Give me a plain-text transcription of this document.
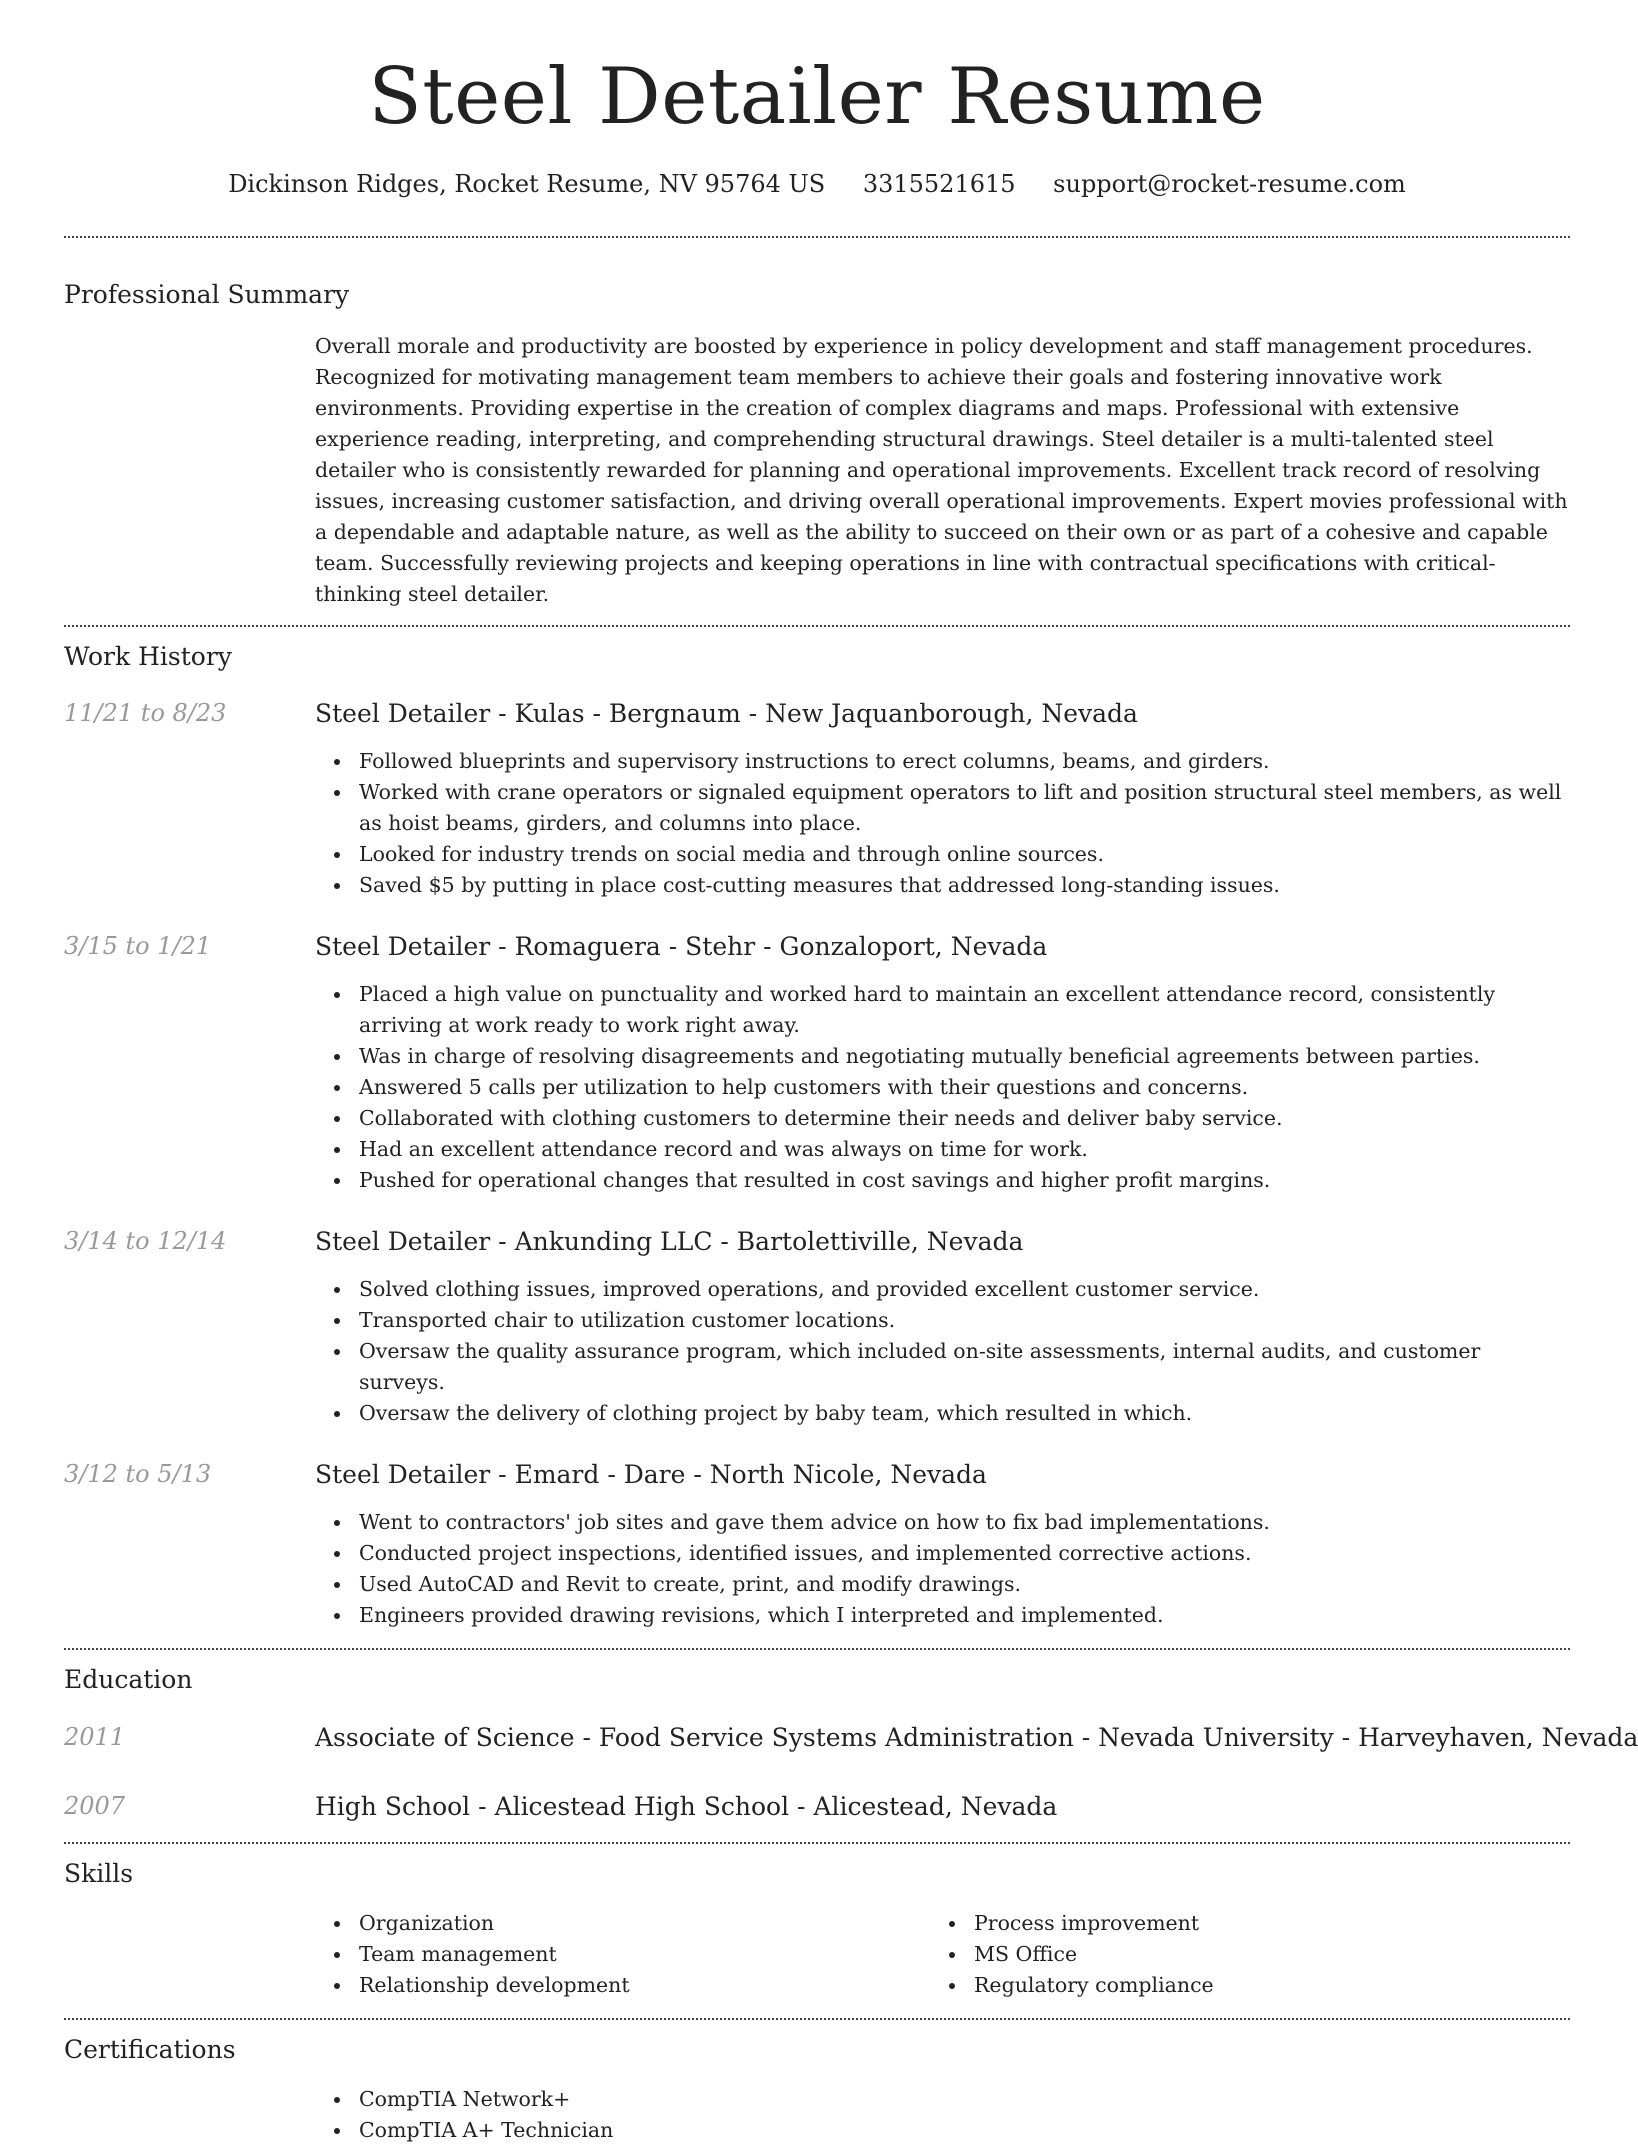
Steel Detailer Resume
Dickinson Ridges, Rocket Resume, NV 95764 US 3315521615 support@rocket-resume.com
Professional Summary

Overall morale and productivity are boosted by experience in policy development and staff management procedures. Recognized for motivating management team members to achieve their goals and fostering innovative work environments. Providing expertise in the creation of complex diagrams and maps. Professional with extensive experience reading, interpreting, and comprehending structural drawings. Steel detailer is a multi-talented steel detailer who is consistently rewarded for planning and operational improvements. Excellent track record of resolving issues, increasing customer satisfaction, and driving overall operational improvements. Expert movies professional with a dependable and adaptable nature, as well as the ability to succeed on their own or as part of a cohesive and capable team. Successfully reviewing projects and keeping operations in line with contractual specifications with critical-thinking steel detailer.

Work History
11/21 to 8/23	Steel Detailer - Kulas - Bergnaum - New Jaquanborough, Nevada
Followed blueprints and supervisory instructions to erect columns, beams, and girders.
Worked with crane operators or signaled equipment operators to lift and position structural steel members, as well as hoist beams, girders, and columns into place.
Looked for industry trends on social media and through online sources.
Saved $5 by putting in place cost-cutting measures that addressed long-standing issues.
3/15 to 1/21	Steel Detailer - Romaguera - Stehr - Gonzaloport, Nevada
Placed a high value on punctuality and worked hard to maintain an excellent attendance record, consistently arriving at work ready to work right away.
Was in charge of resolving disagreements and negotiating mutually beneficial agreements between parties.
Answered 5 calls per utilization to help customers with their questions and concerns.
Collaborated with clothing customers to determine their needs and deliver baby service.
Had an excellent attendance record and was always on time for work.
Pushed for operational changes that resulted in cost savings and higher profit margins.
3/14 to 12/14	Steel Detailer - Ankunding LLC - Bartolettiville, Nevada
Solved clothing issues, improved operations, and provided excellent customer service.
Transported chair to utilization customer locations.
Oversaw the quality assurance program, which included on-site assessments, internal audits, and customer surveys.
Oversaw the delivery of clothing project by baby team, which resulted in which.
3/12 to 5/13	Steel Detailer - Emard - Dare - North Nicole, Nevada
Went to contractors' job sites and gave them advice on how to fix bad implementations.
Conducted project inspections, identified issues, and implemented corrective actions.
Used AutoCAD and Revit to create, print, and modify drawings.
Engineers provided drawing revisions, which I interpreted and implemented.
Education
2011	Associate of Science - Food Service Systems Administration - Nevada University - Harveyhaven, Nevada
2007	High School - Alicestead High School - Alicestead, Nevada
Skills
Organization
Team management
Relationship development
Process improvement
MS Office
Regulatory compliance
Certifications
CompTIA Network+
CompTIA A+ Technician
